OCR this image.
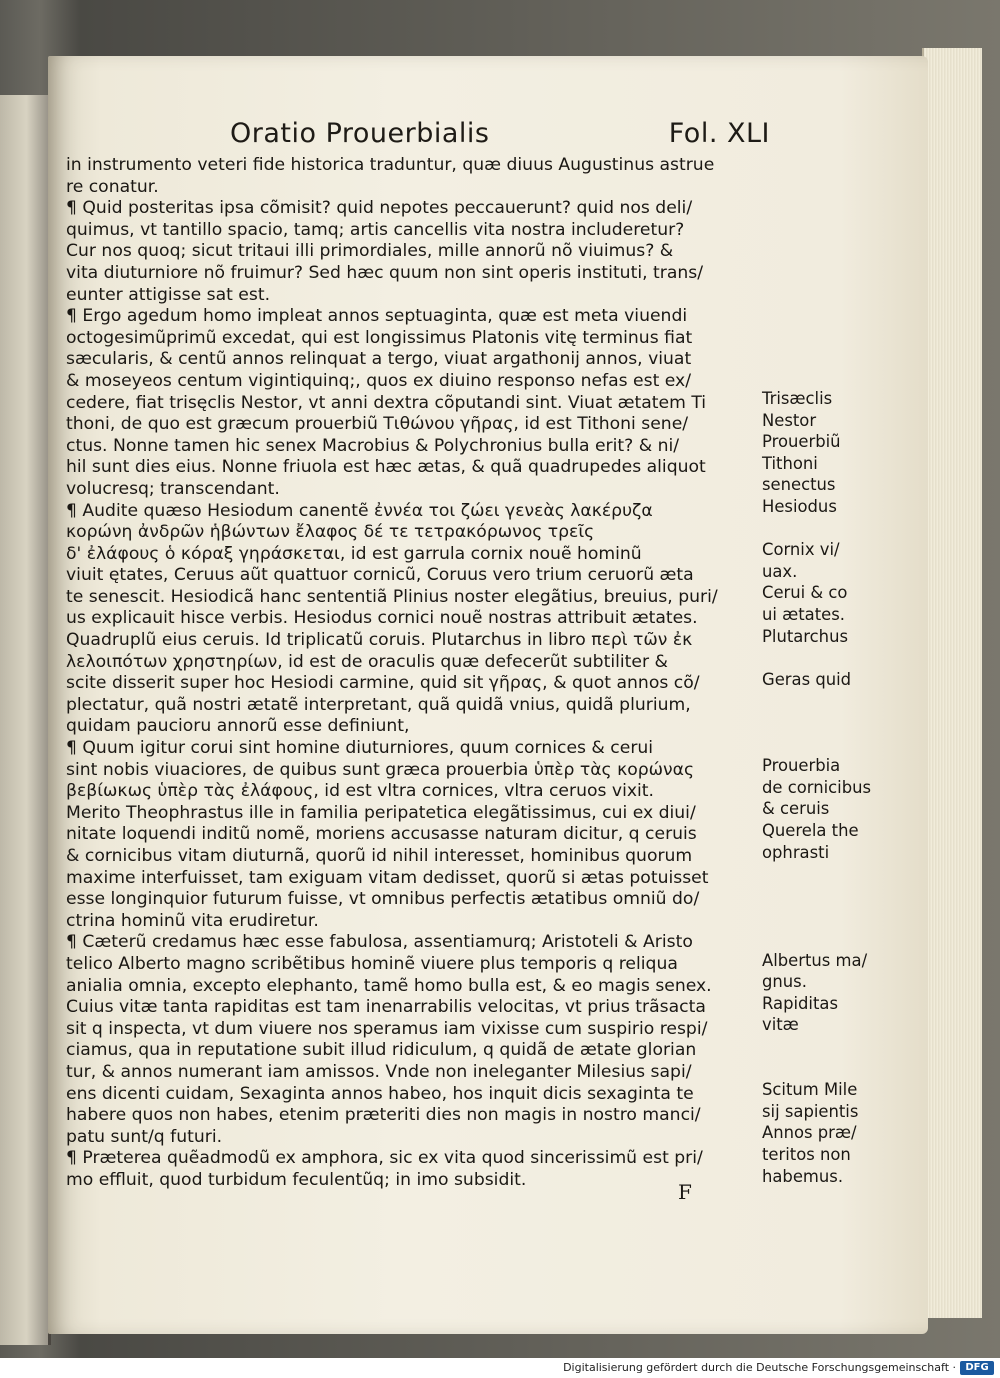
Oratio Prouerbialis	Fol. XLI
in instrumento veteri fide historica traduntur, quæ diuus Augustinus astrue
re conatur.
¶ Quid posteritas ipsa cõmisit? quid nepotes peccauerunt? quid nos deli/
quimus, vt tantillo spacio, tamq; artis cancellis vita nostra includeretur?
Cur nos quoq; sicut tritaui illi primordiales, mille annorũ nõ viuimus? &
vita diuturniore nõ fruimur? Sed hæc quum non sint operis instituti, trans/
eunter attigisse sat est.
¶ Ergo agedum homo impleat annos septuaginta, quæ est meta viuendi
octogesimũprimũ excedat, qui est longissimus Platonis vitę terminus fiat
sæcularis, & centũ annos relinquat a tergo, viuat argathonij annos, viuat
& moseyeos centum vigintiquinq;, quos ex diuino responso nefas est ex/
cedere, fiat trisęclis Nestor, vt anni dextra cõputandi sint. Viuat ætatem Ti
thoni, de quo est græcum prouerbiũ Τιθώνου γῆρας, id est Tithoni sene/
ctus. Nonne tamen hic senex Macrobius & Polychronius bulla erit? & ni/
hil sunt dies eius. Nonne friuola est hæc ætas, & quã quadrupedes aliquot
volucresq; transcendant.
¶ Audite quæso Hesiodum canentẽ ἐννέα τοι ζώει γενεὰς λακέρυζα
κορώνη ἀνδρῶν ἡβώντων ἔλαφος δέ τε τετρακόρωνος τρεῖς
δ' ἐλάφους ὁ κόραξ γηράσκεται, id est garrula cornix nouẽ hominũ
viuit ętates, Ceruus aũt quattuor cornicũ, Coruus vero trium ceruorũ æta
te senescit. Hesiodicã hanc sententiã Plinius noster elegãtius, breuius, puri/
us explicauit hisce verbis. Hesiodus cornici nouẽ nostras attribuit ætates.
Quadruplũ eius ceruis. Id triplicatũ coruis. Plutarchus in libro περὶ τῶν ἐκ
λελοιπότων χρηστηρίων, id est de oraculis quæ defecerũt subtiliter &
scite disserit super hoc Hesiodi carmine, quid sit γῆρας, & quot annos cõ/
plectatur, quã nostri ætatẽ interpretant, quã quidã vnius, quidã plurium,
quidam paucioru annorũ esse definiunt,
¶ Quum igitur corui sint homine diuturniores, quum cornices & cerui
sint nobis viuaciores, de quibus sunt græca prouerbia ὑπὲρ τὰς κορώνας
βεβίωκως ὑπὲρ τὰς ἐλάφους, id est vltra cornices, vltra ceruos vixit.
Merito Theophrastus ille in familia peripatetica elegãtissimus, cui ex diui/
nitate loquendi inditũ nomẽ, moriens accusasse naturam dicitur, q ceruis
& cornicibus vitam diuturnã, quorũ id nihil interesset, hominibus quorum
maxime interfuisset, tam exiguam vitam dedisset, quorũ si ætas potuisset
esse longinquior futurum fuisse, vt omnibus perfectis ætatibus omniũ do/
ctrina hominũ vita erudiretur.
¶ Cæterũ credamus hæc esse fabulosa, assentiamurq; Aristoteli & Aristo
telico Alberto magno scribẽtibus hominẽ viuere plus temporis q reliqua
anialia omnia, excepto elephanto, tamẽ homo bulla est, & eo magis senex.
Cuius vitæ tanta rapiditas est tam inenarrabilis velocitas, vt prius trãsacta
sit q inspecta, vt dum viuere nos speramus iam vixisse cum suspirio respi/
ciamus, qua in reputatione subit illud ridiculum, q quidã de ætate glorian
tur, & annos numerant iam amissos. Vnde non ineleganter Milesius sapi/
ens dicenti cuidam, Sexaginta annos habeo, hos inquit dicis sexaginta te
habere quos non habes, etenim præteriti dies non magis in nostro manci/
patu sunt/q futuri.
¶ Præterea quẽadmodũ ex amphora, sic ex vita quod sincerissimũ est pri/
mo effluit, quod turbidum feculentũq; in imo subsidit.
Trisæclis
Nestor
Prouerbiũ
Tithoni
senectus
Hesiodus
Cornix vi/
uax.
Cerui & co
ui ætates.
Plutarchus
Geras quid
Prouerbia
de cornicibus
& ceruis
Querela the
ophrasti
Albertus ma/
gnus.
Rapiditas
vitæ
Scitum Mile
sij sapientis
Annos præ/
teritos non
habemus.
F
Digitalisierung gefördert durch die Deutsche Forschungsgemeinschaft · DFG
